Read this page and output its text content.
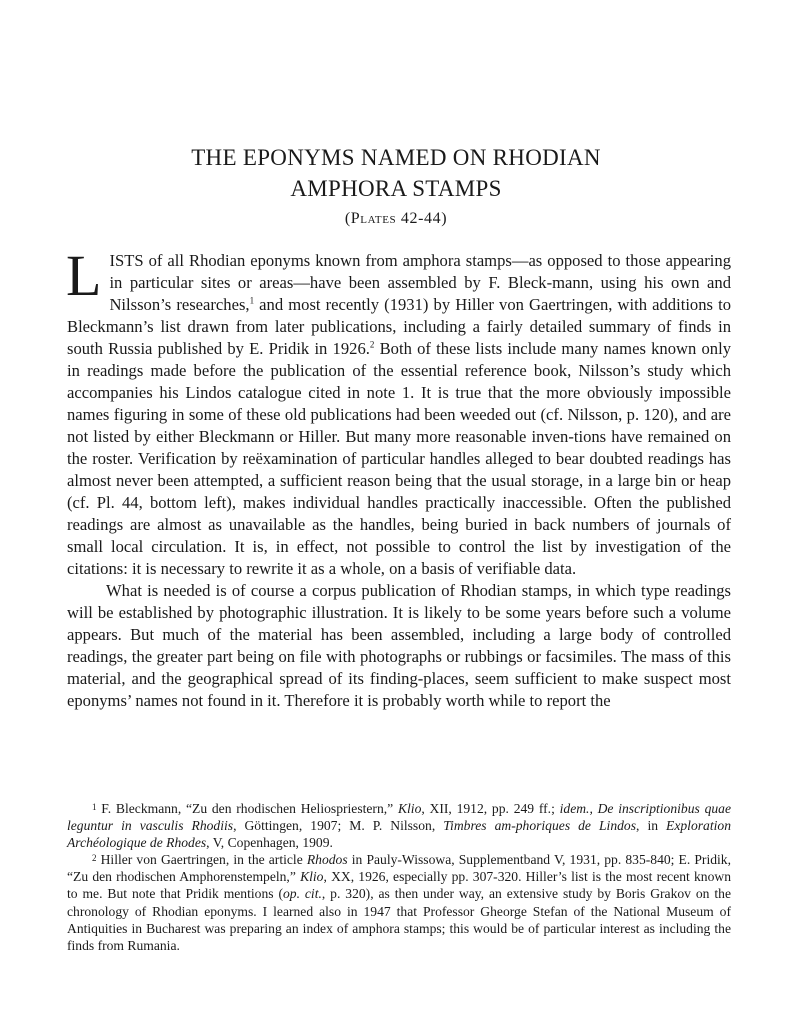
THE EPONYMS NAMED ON RHODIAN
AMPHORA STAMPS
(Plates 42-44)

LISTS of all Rhodian eponyms known from amphora stamps—as opposed to those appearing in particular sites or areas—have been assembled by F. Bleck-mann, using his own and Nilsson’s researches,$^1$ and most recently (1931) by Hiller von Gaertringen, with additions to Bleckmann’s list drawn from later publications, including a fairly detailed summary of finds in south Russia published by E. Pridik in 1926.$^2$ Both of these lists include many names known only in readings made before the publication of the essential reference book, Nilsson’s study which accompanies his Lindos catalogue cited in note 1. It is true that the more obviously impossible names figuring in some of these old publications had been weeded out (cf. Nilsson, p. 120), and are not listed by either Bleckmann or Hiller. But many more reasonable inven-tions have remained on the roster. Verification by reëxamination of particular handles alleged to bear doubted readings has almost never been attempted, a sufficient reason being that the usual storage, in a large bin or heap (cf. Pl. 44, bottom left), makes individual handles practically inaccessible. Often the published readings are almost as unavailable as the handles, being buried in back numbers of journals of small local circulation. It is, in effect, not possible to control the list by investigation of the citations: it is necessary to rewrite it as a whole, on a basis of verifiable data.

What is needed is of course a corpus publication of Rhodian stamps, in which type readings will be established by photographic illustration. It is likely to be some years before such a volume appears. But much of the material has been assembled, including a large body of controlled readings, the greater part being on file with photographs or rubbings or facsimiles. The mass of this material, and the geographical spread of its finding-places, seem sufficient to make suspect most eponyms’ names not found in it. Therefore it is probably worth while to report the

$^1$ F. Bleckmann, “Zu den rhodischen Heliospriestern,” Klio, XII, 1912, pp. 249 ff.; idem., De inscriptionibus quae leguntur in vasculis Rhodiis, Göttingen, 1907; M. P. Nilsson, Timbres am-phoriques de Lindos, in Exploration Archéologique de Rhodes, V, Copenhagen, 1909.

$^2$ Hiller von Gaertringen, in the article Rhodos in Pauly-Wissowa, Supplementband V, 1931, pp. 835-840; E. Pridik, “Zu den rhodischen Amphorenstempeln,” Klio, XX, 1926, especially pp. 307-320. Hiller’s list is the most recent known to me. But note that Pridik mentions (op. cit., p. 320), as then under way, an extensive study by Boris Grakov on the chronology of Rhodian eponyms. I learned also in 1947 that Professor Gheorge Stefan of the National Museum of Antiquities in Bucharest was preparing an index of amphora stamps; this would be of particular interest as including the finds from Rumania.
